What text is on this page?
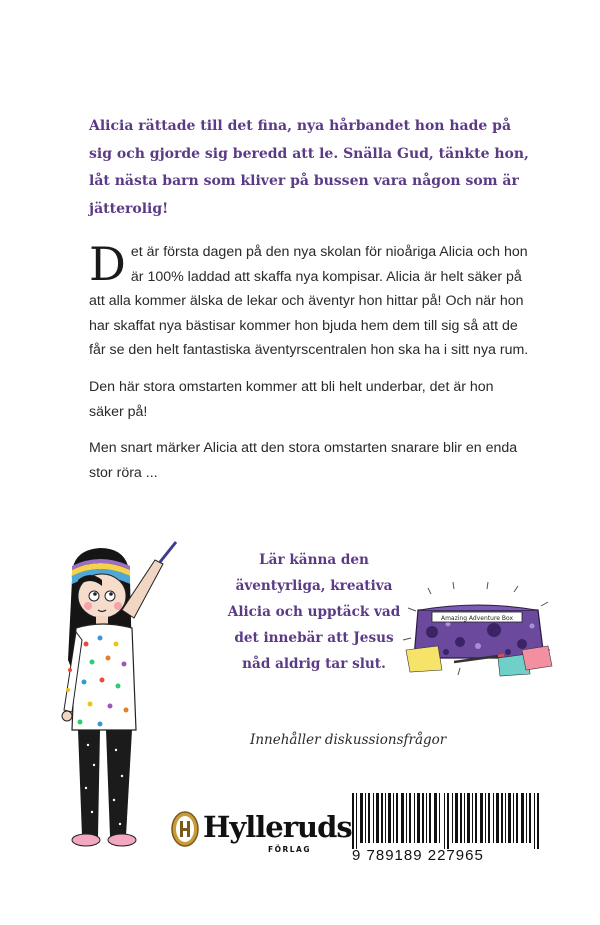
Alicia rättade till det fina, nya hårbandet hon hade på sig och gjorde sig beredd att le. Snälla Gud, tänkte hon, låt nästa barn som kliver på bussen vara någon som är jätterolig!

Det är första dagen på den nya skolan för nioåriga Alicia och hon är 100% laddad att skaffa nya kompisar. Alicia är helt säker på att alla kommer älska de lekar och äventyr hon hittar på! Och när hon har skaffat nya bästisar kommer hon bjuda hem dem till sig så att de får se den helt fantastiska äventyrscentralen hon ska ha i sitt nya rum.

Den här stora omstarten kommer att bli helt underbar, det är hon säker på!

Men snart märker Alicia att den stora omstarten snarare blir en enda stor röra ...

Lär känna den äventyrliga, kreativa Alicia och upptäck vad det innebär att Jesus nåd aldrig tar slut.

Amazing Adventure Box
Innehåller diskussionsfrågor
Hylleruds
FÖRLAG	9 789189 227965
